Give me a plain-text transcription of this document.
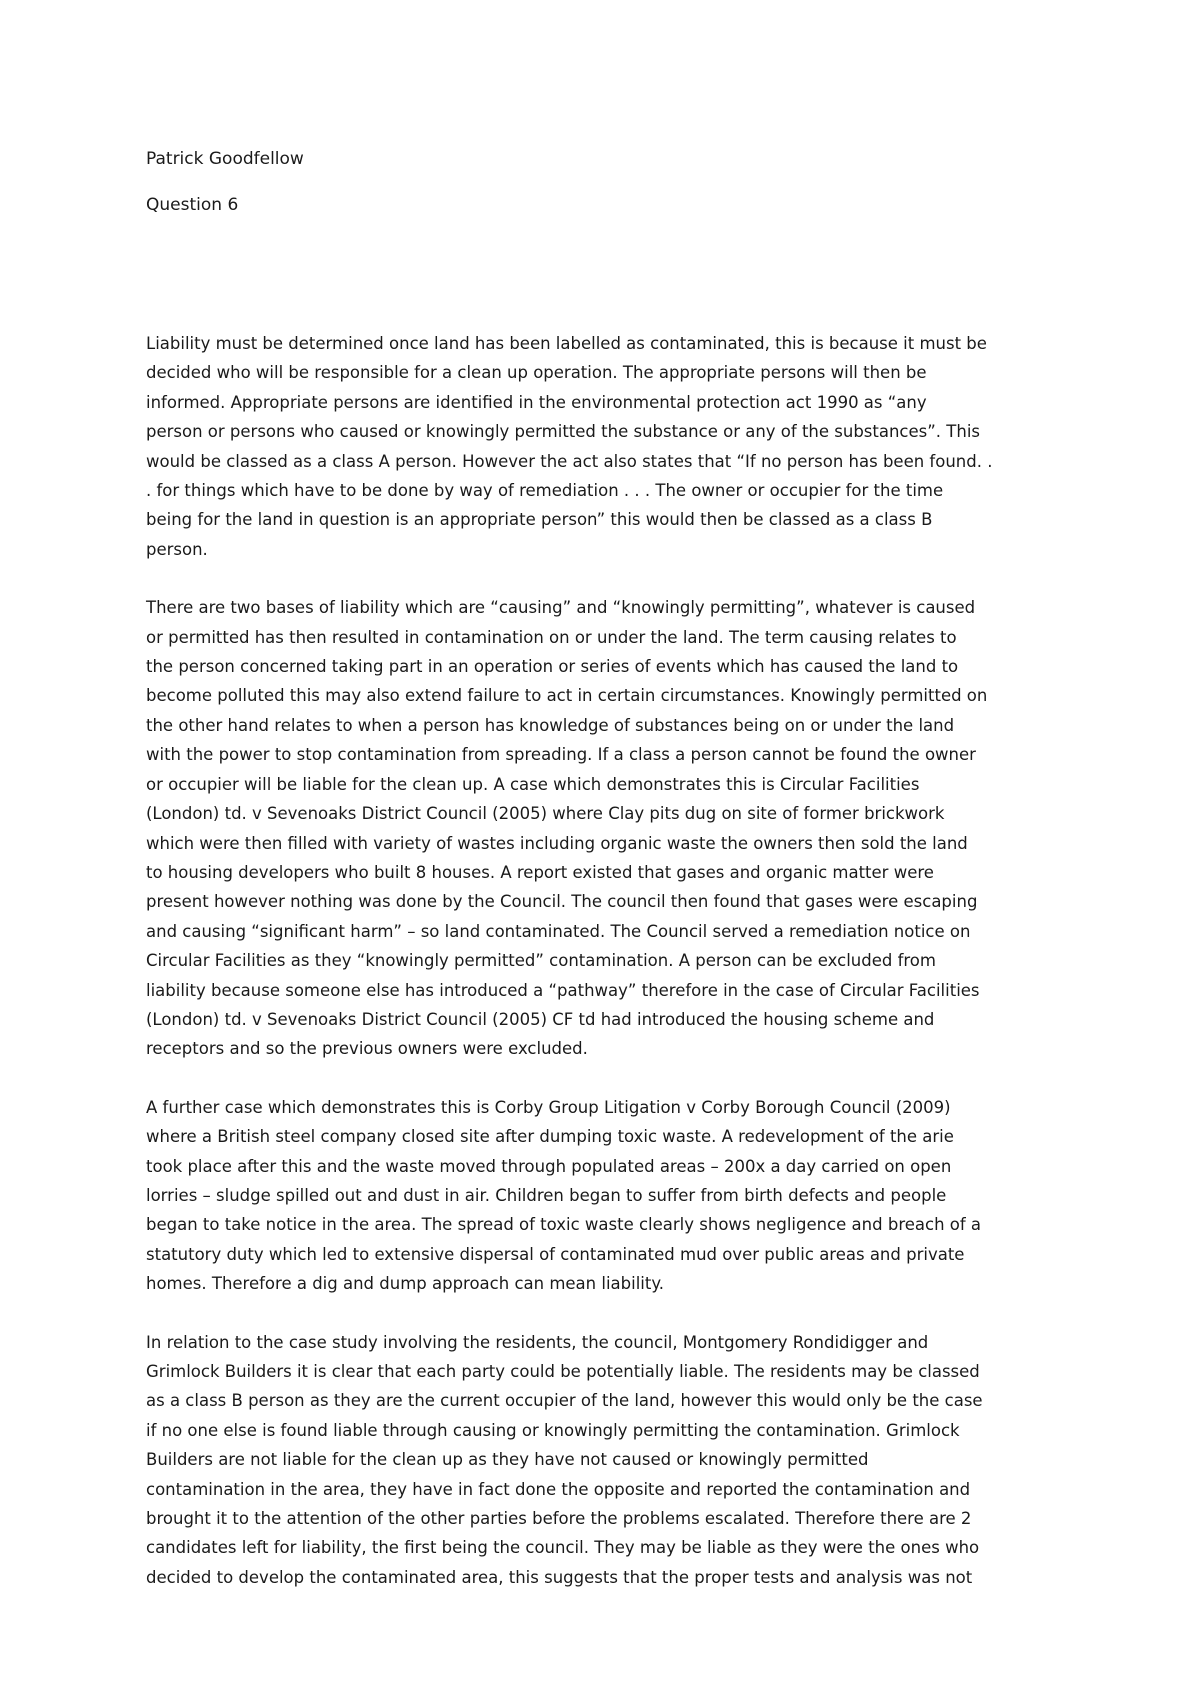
Patrick Goodfellow

Question 6

Liability must be determined once land has been labelled as contaminated, this is because it must be
decided who will be responsible for a clean up operation. The appropriate persons will then be
informed. Appropriate persons are identified in the environmental protection act 1990 as “any
person or persons who caused or knowingly permitted the substance or any of the substances”. This
would be classed as a class A person. However the act also states that “If no person has been found. .
. for things which have to be done by way of remediation . . . The owner or occupier for the time
being for the land in question is an appropriate person” this would then be classed as a class B
person.

There are two bases of liability which are “causing” and “knowingly permitting”, whatever is caused
or permitted has then resulted in contamination on or under the land. The term causing relates to
the person concerned taking part in an operation or series of events which has caused the land to
become polluted this may also extend failure to act in certain circumstances. Knowingly permitted on
the other hand relates to when a person has knowledge of substances being on or under the land
with the power to stop contamination from spreading. If a class a person cannot be found the owner
or occupier will be liable for the clean up. A case which demonstrates this is Circular Facilities
(London) td. v Sevenoaks District Council (2005) where Clay pits dug on site of former brickwork
which were then filled with variety of wastes including organic waste the owners then sold the land
to housing developers who built 8 houses. A report existed that gases and organic matter were
present however nothing was done by the Council. The council then found that gases were escaping
and causing “significant harm” – so land contaminated. The Council served a remediation notice on
Circular Facilities as they “knowingly permitted” contamination. A person can be excluded from
liability because someone else has introduced a “pathway” therefore in the case of Circular Facilities
(London) td. v Sevenoaks District Council (2005) CF td had introduced the housing scheme and
receptors and so the previous owners were excluded.

A further case which demonstrates this is Corby Group Litigation v Corby Borough Council (2009)
where a British steel company closed site after dumping toxic waste. A redevelopment of the arie
took place after this and the waste moved through populated areas – 200x a day carried on open
lorries – sludge spilled out and dust in air. Children began to suffer from birth defects and people
began to take notice in the area. The spread of toxic waste clearly shows negligence and breach of a
statutory duty which led to extensive dispersal of contaminated mud over public areas and private
homes. Therefore a dig and dump approach can mean liability.

In relation to the case study involving the residents, the council, Montgomery Rondidigger and
Grimlock Builders it is clear that each party could be potentially liable. The residents may be classed
as a class B person as they are the current occupier of the land, however this would only be the case
if no one else is found liable through causing or knowingly permitting the contamination. Grimlock
Builders are not liable for the clean up as they have not caused or knowingly permitted
contamination in the area, they have in fact done the opposite and reported the contamination and
brought it to the attention of the other parties before the problems escalated. Therefore there are 2
candidates left for liability, the first being the council. They may be liable as they were the ones who
decided to develop the contaminated area, this suggests that the proper tests and analysis was not
